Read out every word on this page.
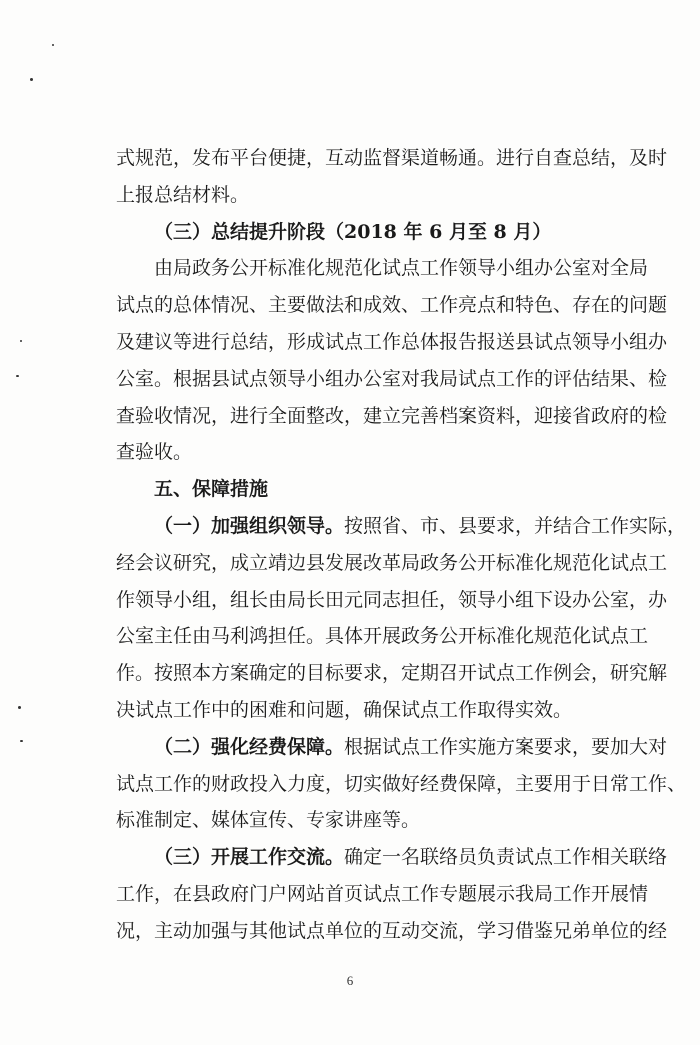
式规范，发布平台便捷，互动监督渠道畅通。进行自查总结，及时
上报总结材料。
（三）总结提升阶段（2018 年 6 月至 8 月）
由局政务公开标准化规范化试点工作领导小组办公室对全局
试点的总体情况、主要做法和成效、工作亮点和特色、存在的问题
及建议等进行总结，形成试点工作总体报告报送县试点领导小组办
公室。根据县试点领导小组办公室对我局试点工作的评估结果、检
查验收情况，进行全面整改，建立完善档案资料，迎接省政府的检
查验收。
五、保障措施
（一）加强组织领导。按照省、市、县要求，并结合工作实际，
经会议研究，成立靖边县发展改革局政务公开标准化规范化试点工
作领导小组，组长由局长田元同志担任，领导小组下设办公室，办
公室主任由马利鸿担任。具体开展政务公开标准化规范化试点工
作。按照本方案确定的目标要求，定期召开试点工作例会，研究解
决试点工作中的困难和问题，确保试点工作取得实效。
（二）强化经费保障。根据试点工作实施方案要求，要加大对
试点工作的财政投入力度，切实做好经费保障，主要用于日常工作、
标准制定、媒体宣传、专家讲座等。
（三）开展工作交流。确定一名联络员负责试点工作相关联络
工作，在县政府门户网站首页试点工作专题展示我局工作开展情
况，主动加强与其他试点单位的互动交流，学习借鉴兄弟单位的经
6
